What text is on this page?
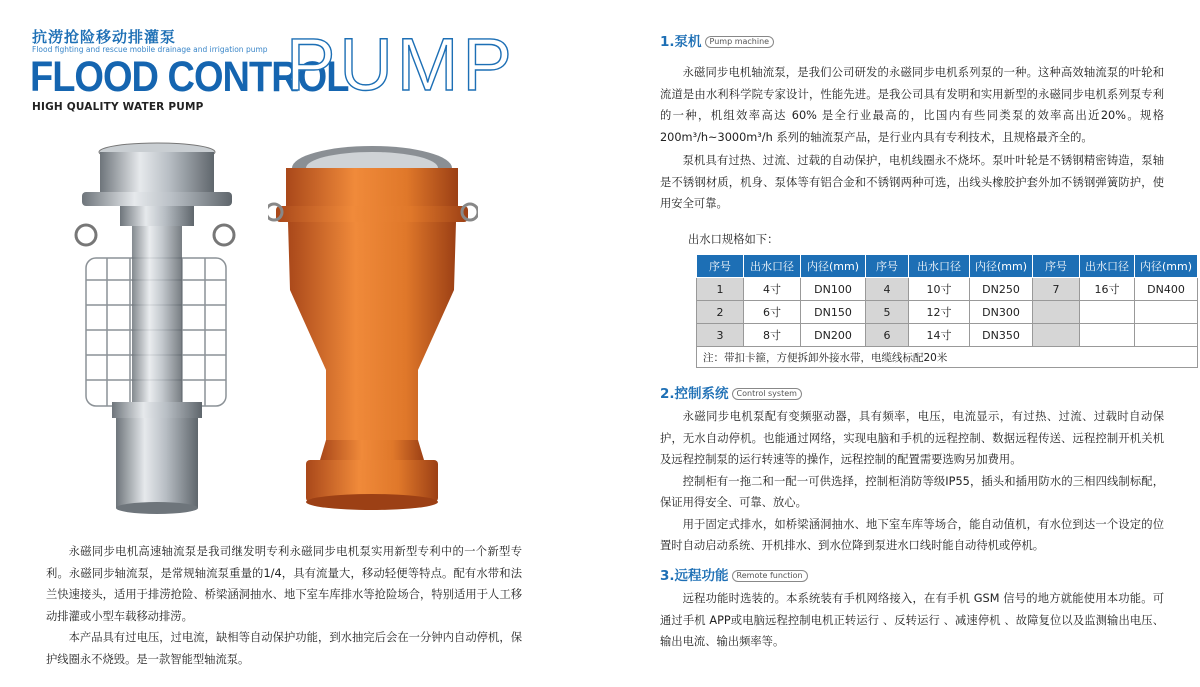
抗涝抢险移动排灌泵
Flood fighting and rescue mobile drainage and irrigation pump
FLOOD CONTROL
PUMP
HIGH QUALITY WATER PUMP
永磁同步电机高速轴流泵是我司继发明专利永磁同步电机泵实用新型专利中的一个新型专利。永磁同步轴流泵，是常规轴流泵重量的1/4，具有流量大，移动轻便等特点。配有水带和法兰快速接头，适用于排涝抢险、桥梁涵洞抽水、地下室车库排水等抢险场合，特别适用于人工移动排灌或小型车载移动排涝。
本产品具有过电压，过电流，缺相等自动保护功能，到水抽完后会在一分钟内自动停机，保护线圈永不烧毁。是一款智能型轴流泵。
1.泵机 Pump machine
永磁同步电机轴流泵，是我们公司研发的永磁同步电机系列泵的一种。这种高效轴流泵的叶轮和流道是由水利科学院专家设计，性能先进。是我公司具有发明和实用新型的永磁同步电机系列泵专利的一种，机组效率高达 60% 是全行业最高的，比国内有些同类泵的效率高出近20%。规格 200m³/h~3000m³/h 系列的轴流泵产品，是行业内具有专利技术，且规格最齐全的。
泵机具有过热、过流、过载的自动保护，电机线圈永不烧坏。泵叶叶轮是不锈钢精密铸造，泵轴是不锈钢材质，机身、泵体等有铝合金和不锈钢两种可选，出线头橡胶护套外加不锈钢弹簧防护，使用安全可靠。
出水口规格如下：
序号	出水口径	内径(mm)	序号	出水口径	内径(mm)	序号	出水口径	内径(mm)
1	4寸	DN100	4	10寸	DN250	7	16寸	DN400
2	6寸	DN150	5	12寸	DN300			
3	8寸	DN200	6	14寸	DN350			
注：带扣卡箍，方便拆卸外接水带，电缆线标配20米								
2.控制系统 Control system
永磁同步电机泵配有变频驱动器，具有频率，电压，电流显示，有过热、过流、过载时自动保护，无水自动停机。也能通过网络，实现电脑和手机的远程控制、数据远程传送、远程控制开机关机及远程控制泵的运行转速等的操作，远程控制的配置需要选购另加费用。
控制柜有一拖二和一配一可供选择，控制柜消防等级IP55，插头和插用防水的三相四线制标配，保证用得安全、可靠、放心。
用于固定式排水，如桥梁涵洞抽水、地下室车库等场合，能自动值机，有水位到达一个设定的位置时自动启动系统、开机排水、到水位降到泵进水口线时能自动待机或停机。
3.远程功能 Remote function
远程功能时选装的。本系统装有手机网络接入，在有手机 GSM 信号的地方就能使用本功能。可通过手机 APP或电脑远程控制电机正转运行 、反转运行 、减速停机 、故障复位以及监测输出电压、输出电流、输出频率等。
